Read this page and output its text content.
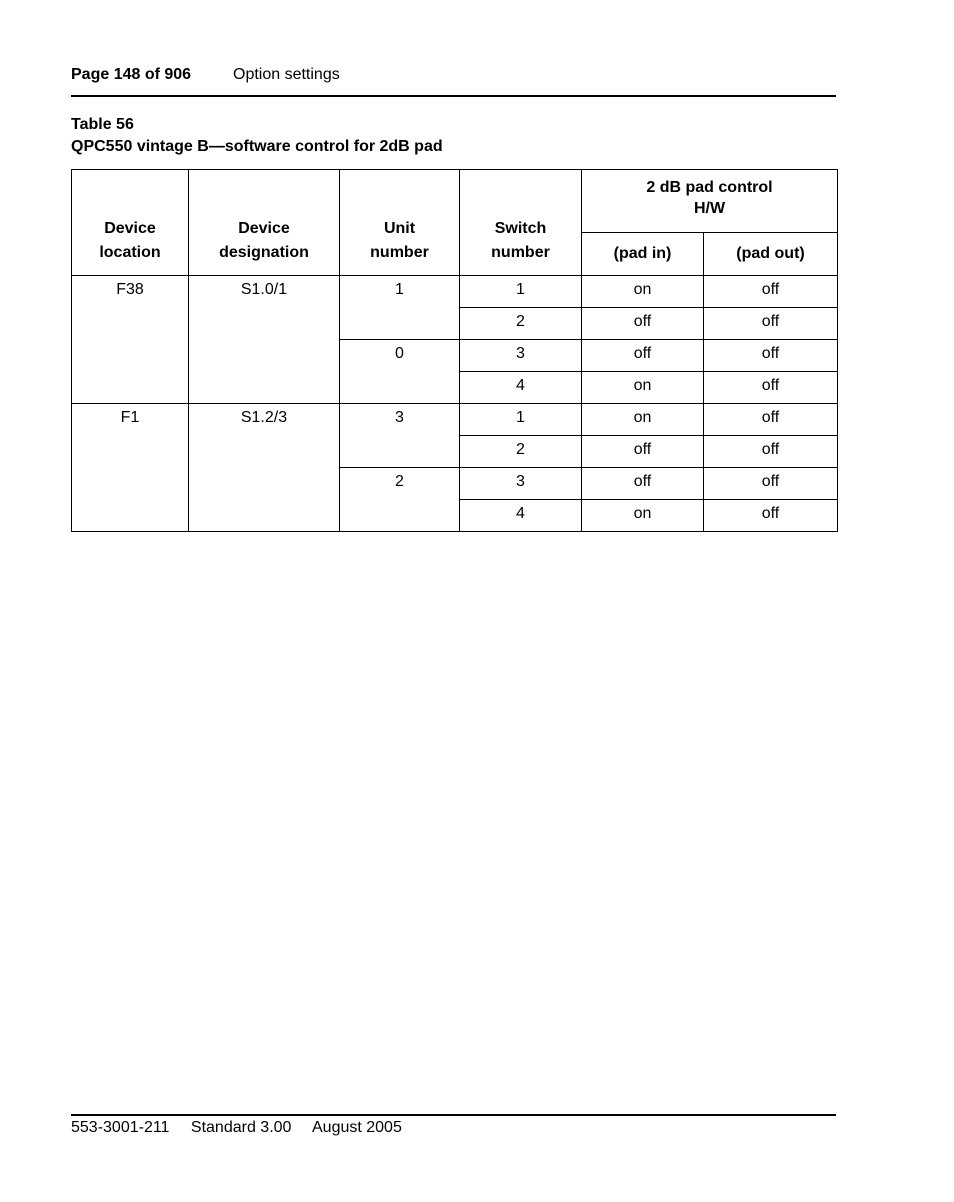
Page 148 of 906	Option settings
Table 56
QPC550 vintage B—software control for 2dB pad
Device location	Device designation	Unit number	Switch number	2 dB pad control
H/W	

				(pad in)	(pad out)
F38	S1.0/1	1	1	on	off
			2	off	off
		0	3	off	off
			4	on	off
F1	S1.2/3	3	1	on	off
			2	off	off
		2	3	off	off
			4	on	off
553-3001-211 Standard 3.00 August 2005
